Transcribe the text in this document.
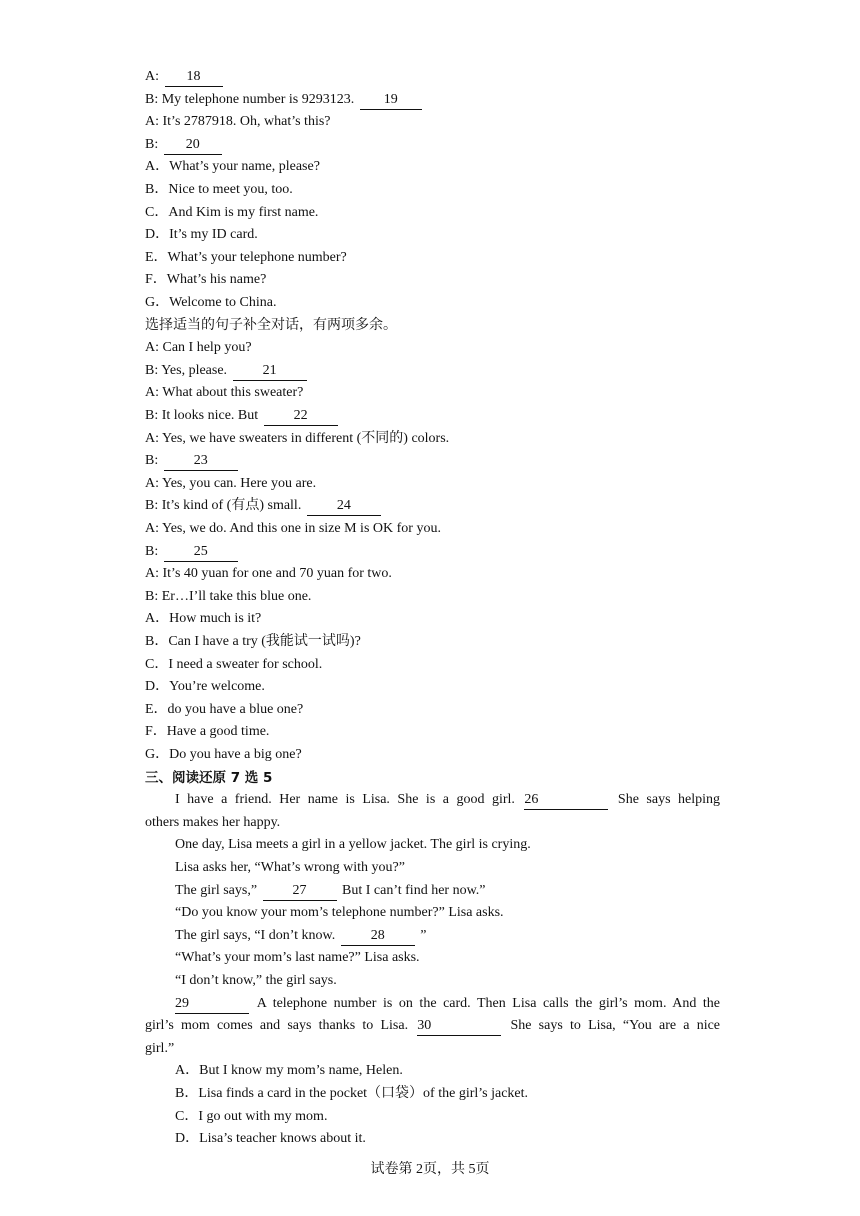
A: 18
B: My telephone number is 9293123. 19
A: It’s 2787918. Oh, what’s this?
B: 20
A．What’s your name, please?
B．Nice to meet you, too.
C．And Kim is my first name.
D．It’s my ID card.
E．What’s your telephone number?
F．What’s his name?
G．Welcome to China.
选择适当的句子补全对话，有两项多余。
A: Can I help you?
B: Yes, please.	21
A: What about this sweater?
B: It looks nice. But	22
A: Yes, we have sweaters in different (不同的) colors.
B:	23
A: Yes, you can. Here you are.
B: It’s kind of (有点) small.	24
A: Yes, we do. And this one in size M is OK for you.
B:	25
A: It’s 40 yuan for one and 70 yuan for two.
B: Er…I’ll take this blue one.
A．How much is it?
B．Can I have a try (我能试一试吗)?
C．I need a sweater for school.
D．You’re welcome.
E．do you have a blue one?
F．Have a good time.
G．Do you have a big one?
三、阅读还原 7 选 5
I have a friend. Her name is Lisa. She is a good girl. 26	She says helping
others makes her happy.
One day, Lisa meets a girl in a yellow jacket. The girl is crying.
Lisa asks her, “What’s wrong with you?”
The girl says,”	27	But I can’t find her now.”
“Do you know your mom’s telephone number?” Lisa asks.
The girl says, “I don’t know.	28	”
“What’s your mom’s last name?” Lisa asks.
“I don’t know,” the girl says.
29	A telephone number is on the card. Then Lisa calls the girl’s mom. And the
girl’s mom comes and says thanks to Lisa. 30	She says to Lisa, “You are a nice
girl.”
A．But I know my mom’s name, Helen.
B．Lisa finds a card in the pocket（口袋）of the girl’s jacket.
C．I go out with my mom.
D．Lisa’s teacher knows about it.
试卷第 2页，共 5页
